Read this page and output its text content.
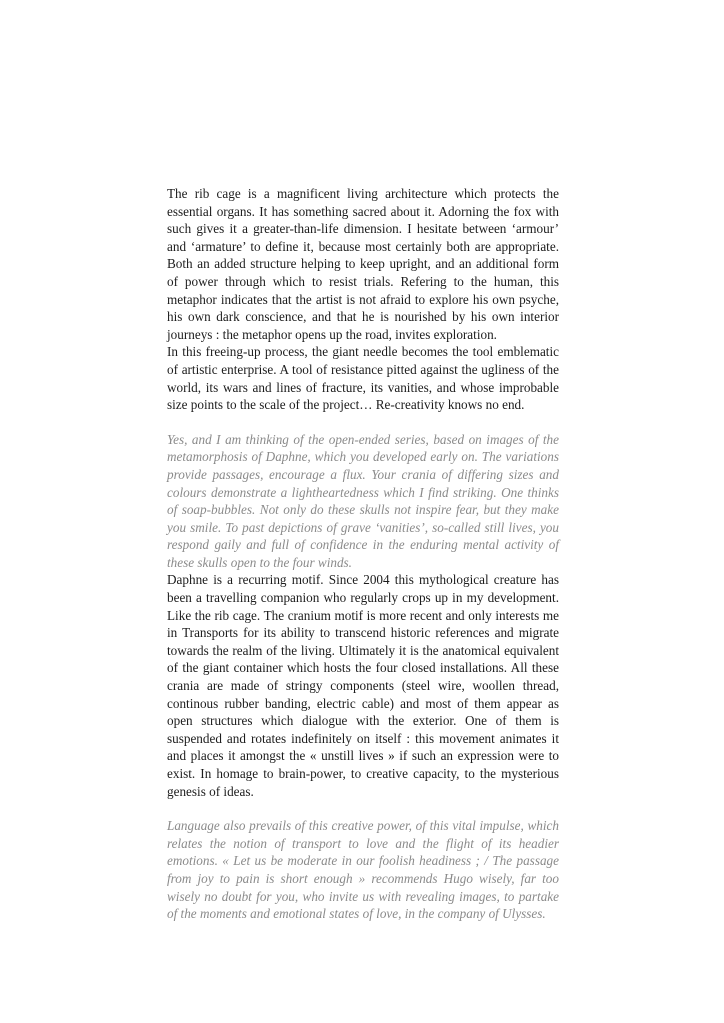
The rib cage is a magnificent living architecture which protects the essential organs. It has something sacred about it. Adorning the fox with such gives it a greater-than-life dimension. I hesitate between ‘armour’ and ‘armature’ to define it, because most certainly both are appropriate. Both an added structure helping to keep upright, and an additional form of power through which to resist trials. Refering to the human, this metaphor indicates that the artist is not afraid to explore his own psyche, his own dark conscience, and that he is nourished by his own interior journeys : the metaphor opens up the road, invites exploration.

In this freeing-up process, the giant needle becomes the tool emblematic of artistic enterprise. A tool of resistance pitted against the ugliness of the world, its wars and lines of fracture, its vanities, and whose improbable size points to the scale of the project… Re-creativity knows no end.

Yes, and I am thinking of the open-ended series, based on images of the metamorphosis of Daphne, which you developed early on. The variations provide passages, encourage a flux. Your crania of differing sizes and colours demonstrate a lightheartedness which I find striking. One thinks of soap-bubbles. Not only do these skulls not inspire fear, but they make you smile. To past depictions of grave ‘vanities’, so-called still lives, you respond gaily and full of confidence in the enduring mental activity of these skulls open to the four winds.

Daphne is a recurring motif. Since 2004 this mythological creature has been a travelling companion who regularly crops up in my development. Like the rib cage. The cranium motif is more recent and only interests me in Transports for its ability to transcend historic references and migrate towards the realm of the living. Ultimately it is the anatomical equivalent of the giant container which hosts the four closed installations. All these crania are made of stringy components (steel wire, woollen thread, continous rubber banding, electric cable) and most of them appear as open structures which dialogue with the exterior. One of them is suspended and rotates indefinitely on itself : this movement animates it and places it amongst the « unstill lives » if such an expression were to exist. In homage to brain-power, to creative capacity, to the mysterious genesis of ideas.

Language also prevails of this creative power, of this vital impulse, which relates the notion of transport to love and the flight of its headier emotions. « Let us be moderate in our foolish headiness ; / The passage from joy to pain is short enough » recommends Hugo wisely, far too wisely no doubt for you, who invite us with revealing images, to partake of the moments and emotional states of love, in the company of Ulysses.
